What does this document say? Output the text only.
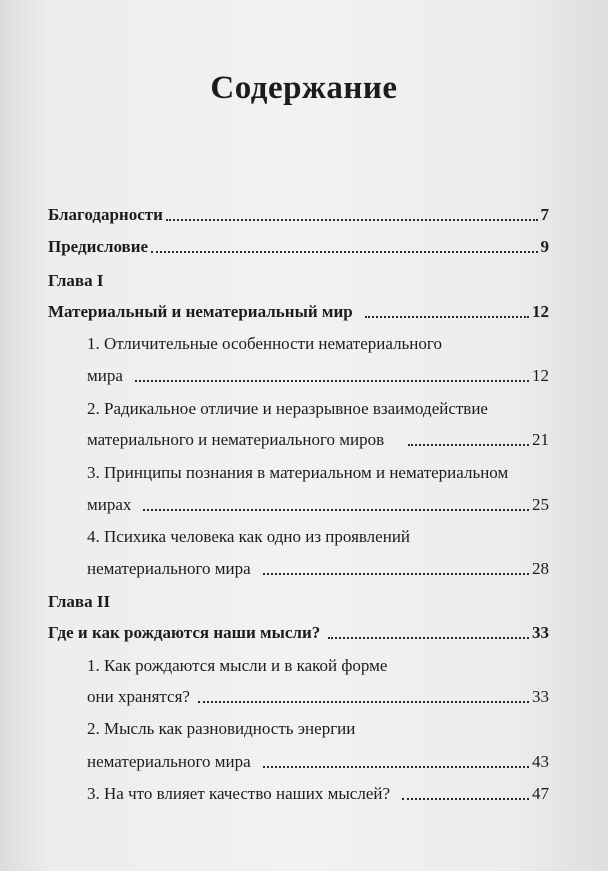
Содержание
Благодарности	7
Предисловие	9
Глава I
Материальный и нематериальный мир	12
1. Отличительные особенности нематериального
мира	12
2. Радикальное отличие и неразрывное взаимодействие
материального и нематериального миров	21
3. Принципы познания в материальном и нематериальном
мирах	25
4. Психика человека как одно из проявлений
нематериального мира	28
Глава II
Где и как рождаются наши мысли?	33
1. Как рождаются мысли и в какой форме
они хранятся?	33
2. Мысль как разновидность энергии
нематериального мира	43
3. На что влияет качество наших мыслей?	47
